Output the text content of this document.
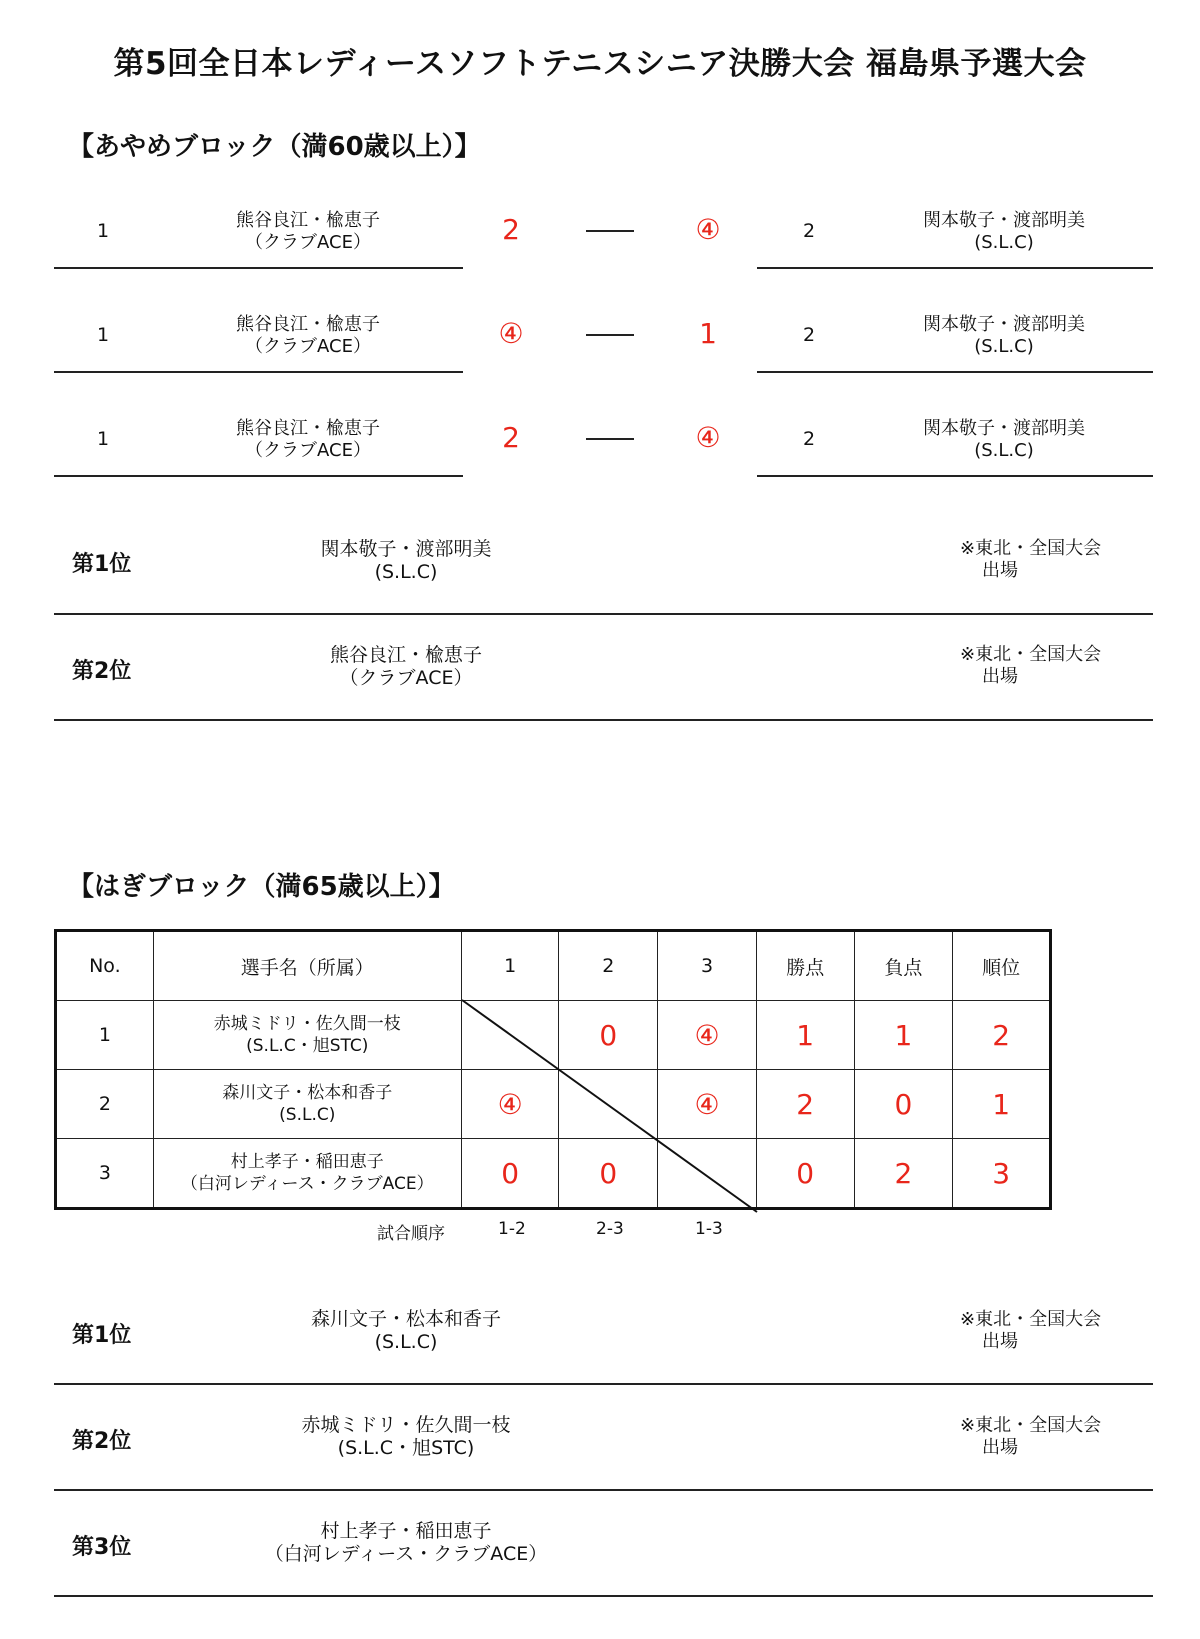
第5回全日本レディースソフトテニスシニア決勝大会 福島県予選大会
【あやめブロック（満60歳以上）】
1	熊谷良江・楡恵子
（クラブACE）	2	④	2	関本敬子・渡部明美
(S.L.C)
1	熊谷良江・楡恵子
（クラブACE）	④	1	2	関本敬子・渡部明美
(S.L.C)
1	熊谷良江・楡恵子
（クラブACE）	2	④	2	関本敬子・渡部明美
(S.L.C)
第1位
関本敬子・渡部明美
(S.L.C)
※東北・全国大会
出場
第2位
熊谷良江・楡恵子
（クラブACE）
※東北・全国大会
出場
【はぎブロック（満65歳以上）】
No.	選手名（所属）	1	2	3	勝点	負点	順位
1	赤城ミドリ・佐久間一枝
(S.L.C・旭STC)		0	④	1	1	2
2	森川文子・松本和香子
(S.L.C)	④		④	2	0	1
3	村上孝子・稲田恵子
（白河レディース・クラブACE）	0	0		0	2	3
試合順序	1-2	2-3	1-3
第1位
森川文子・松本和香子
(S.L.C)
※東北・全国大会
出場
第2位
赤城ミドリ・佐久間一枝
(S.L.C・旭STC)
※東北・全国大会
出場
第3位
村上孝子・稲田恵子
（白河レディース・クラブACE）
